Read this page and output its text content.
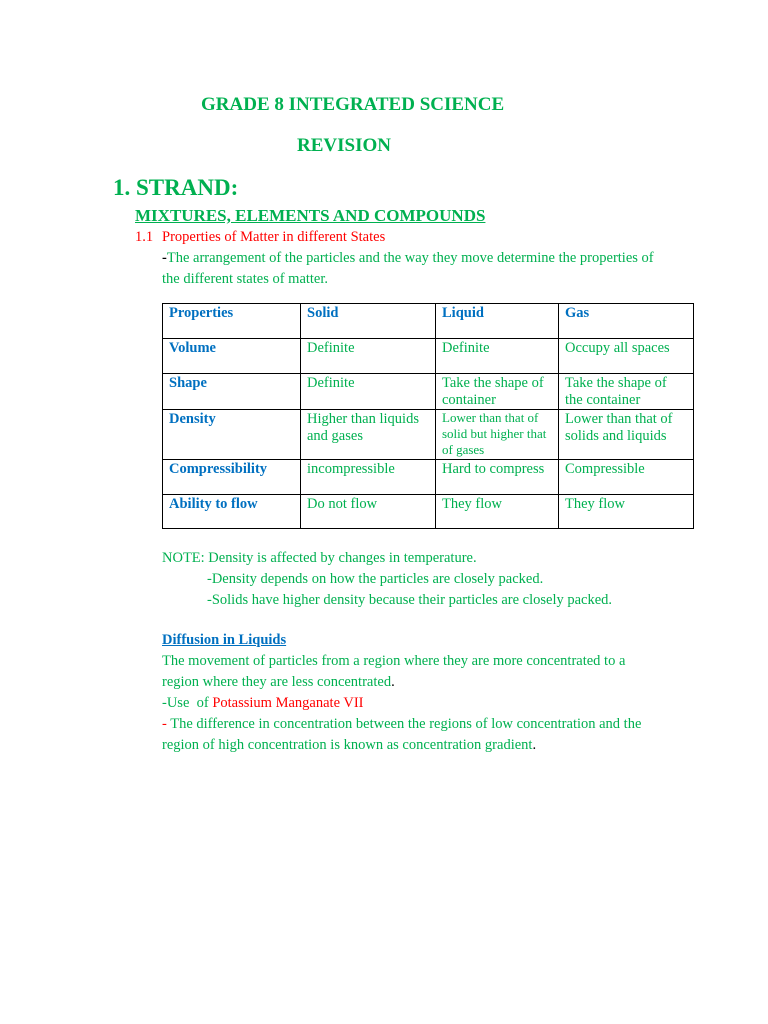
GRADE 8 INTEGRATED SCIENCE
REVISION
1. STRAND:
MIXTURES, ELEMENTS AND COMPOUNDS
1.1 Properties of Matter in different States
-The arrangement of the particles and the way they move determine the properties of
the different states of matter.
Properties	Solid	Liquid	Gas
Volume	Definite	Definite	Occupy all spaces
Shape	Definite	Take the shape of container	Take the shape of the container
Density	Higher than liquids and gases	Lower than that of solid but higher that of gases	Lower than that of solids and liquids
Compressibility	incompressible	Hard to compress	Compressible
Ability to flow	Do not flow	They flow	They flow
NOTE: Density is affected by changes in temperature.
-Density depends on how the particles are closely packed.
-Solids have higher density because their particles are closely packed.
Diffusion in Liquids
The movement of particles from a region where they are more concentrated to a
region where they are less concentrated.
-Use  of Potassium Manganate VII
- The difference in concentration between the regions of low concentration and the
region of high concentration is known as concentration gradient.
